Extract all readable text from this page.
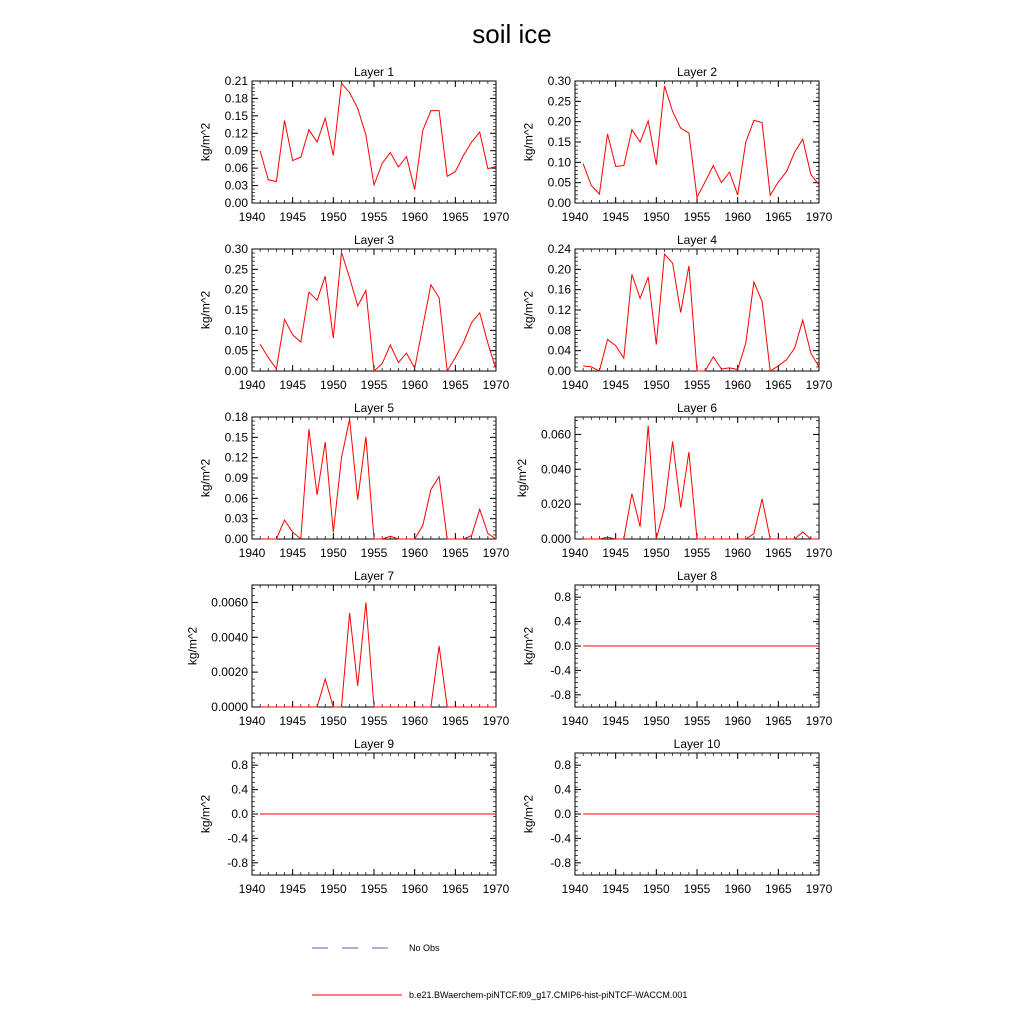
soil ice
Layer 1
1940 1945 1950 1955 1960 1965 1970
0.00
0.03
0.06
0.09
0.12
0.15
0.18
0.21
kg/m^2
Layer 2
1940 1945 1950 1955 1960 1965 1970
0.00
0.05
0.10
0.15
0.20
0.25
0.30
kg/m^2
Layer 3
1940 1945 1950 1955 1960 1965 1970
0.00
0.05
0.10
0.15
0.20
0.25
0.30
kg/m^2
Layer 4
1940 1945 1950 1955 1960 1965 1970
0.00
0.04
0.08
0.12
0.16
0.20
0.24
kg/m^2
Layer 5
1940 1945 1950 1955 1960 1965 1970
0.00
0.03
0.06
0.09
0.12
0.15
0.18
kg/m^2
Layer 6
1940 1945 1950 1955 1960 1965 1970
0.000
0.020
0.040
0.060
kg/m^2
Layer 7
1940 1945 1950 1955 1960 1965 1970
0.0000
0.0020
0.0040
0.0060
kg/m^2
Layer 8
1940 1945 1950 1955 1960 1965 1970
-0.8
-0.4
0.0
0.4
0.8
kg/m^2
Layer 9
1940 1945 1950 1955 1960 1965 1970
-0.8
-0.4
0.0
0.4
0.8
kg/m^2
Layer 10
1940 1945 1950 1955 1960 1965 1970
-0.8
-0.4
0.0
0.4
0.8
kg/m^2
No Obs
b.e21.BWaerchem-piNTCF.f09_g17.CMIP6-hist-piNTCF-WACCM.001
